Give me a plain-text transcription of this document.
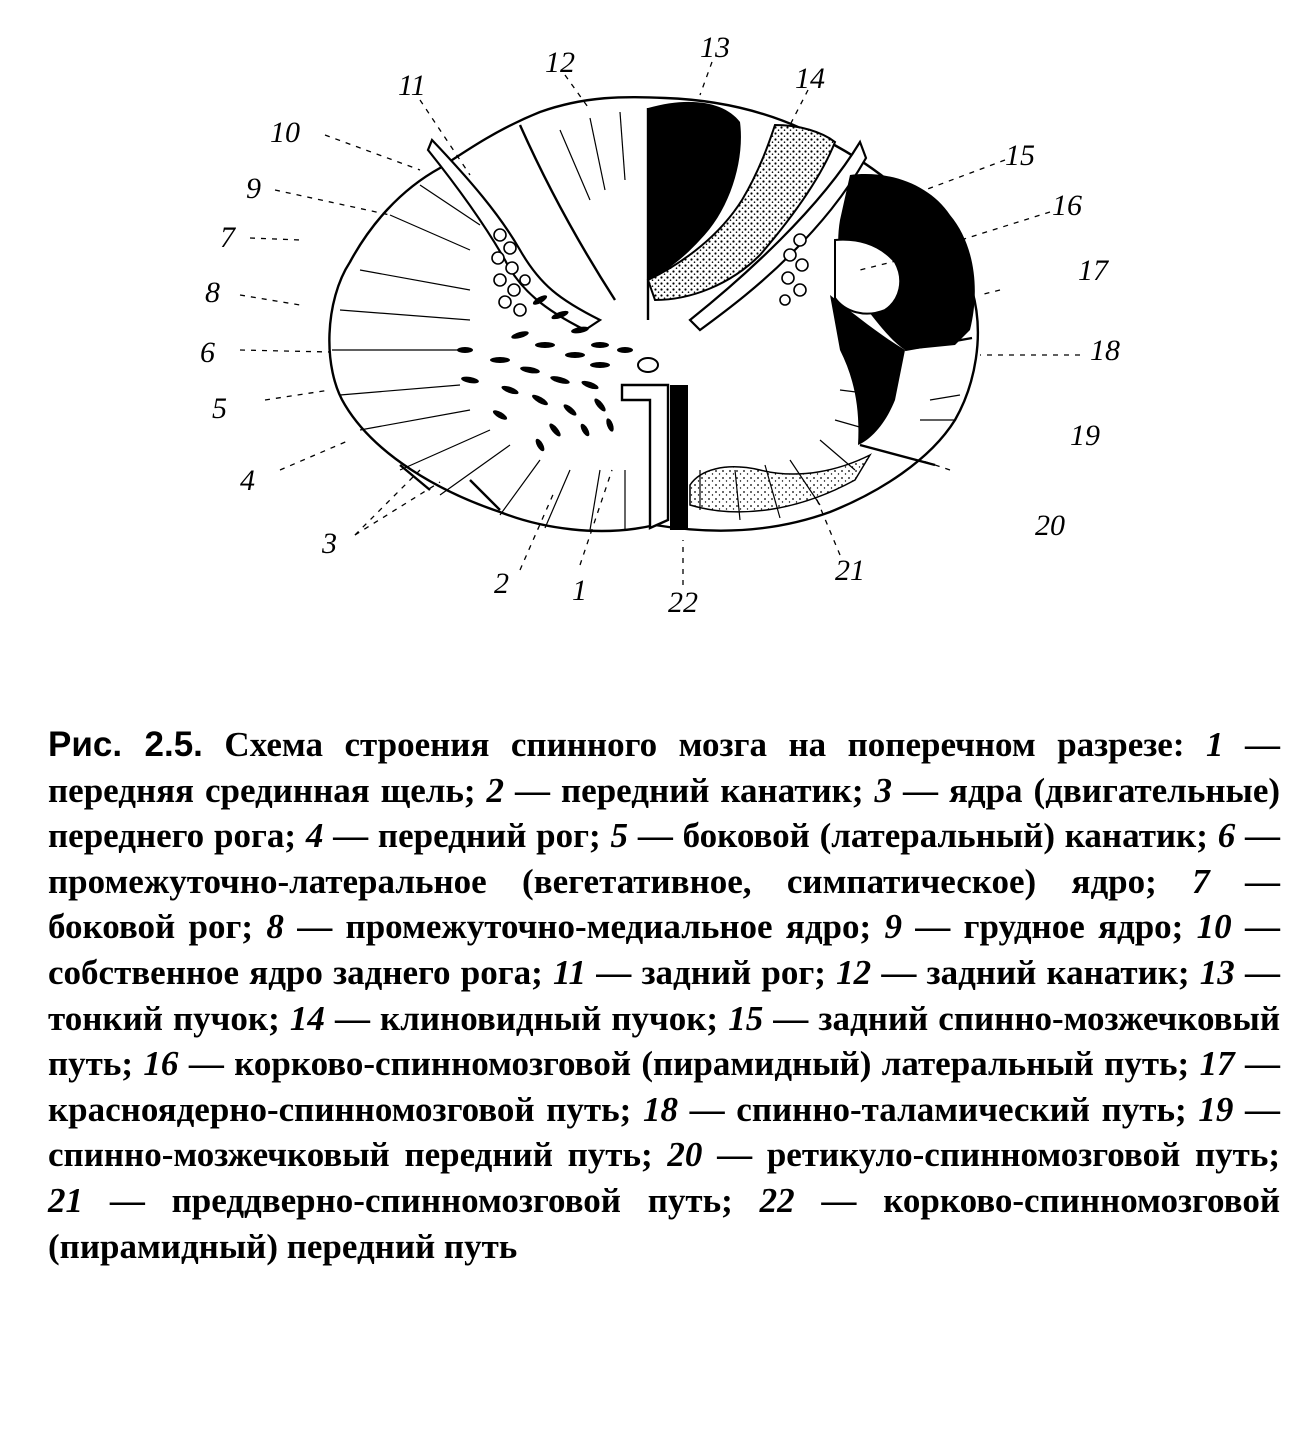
1
2
3
4
5
6
7
8
9
10
11
12	13
14
15
16
17
18
19
20
21
22
Рис. 2.5. Схема строения спинного мозга на поперечном разрезе: 1 — передняя срединная щель; 2 — передний канатик; 3 — ядра (двигательные) переднего рога; 4 — передний рог; 5 — боковой (латеральный) канатик; 6 — промежуточно-латеральное (вегетативное, симпатическое) ядро; 7 — боковой рог; 8 — промежуточно-медиальное ядро; 9 — грудное ядро; 10 — собственное ядро заднего рога; 11 — задний рог; 12 — задний канатик; 13 — тонкий пучок; 14 — клиновидный пучок; 15 — задний спинно-мозжечковый путь; 16 — корково-спинномозговой (пирамидный) латеральный путь; 17 — красноядерно-спинномозговой путь; 18 — спинно-таламический путь; 19 — спинно-мозжечковый передний путь; 20 — ретикуло-спинномозговой путь; 21 — преддверно-спинномозговой путь; 22 — корково-спинномозговой (пирамидный) передний путь
